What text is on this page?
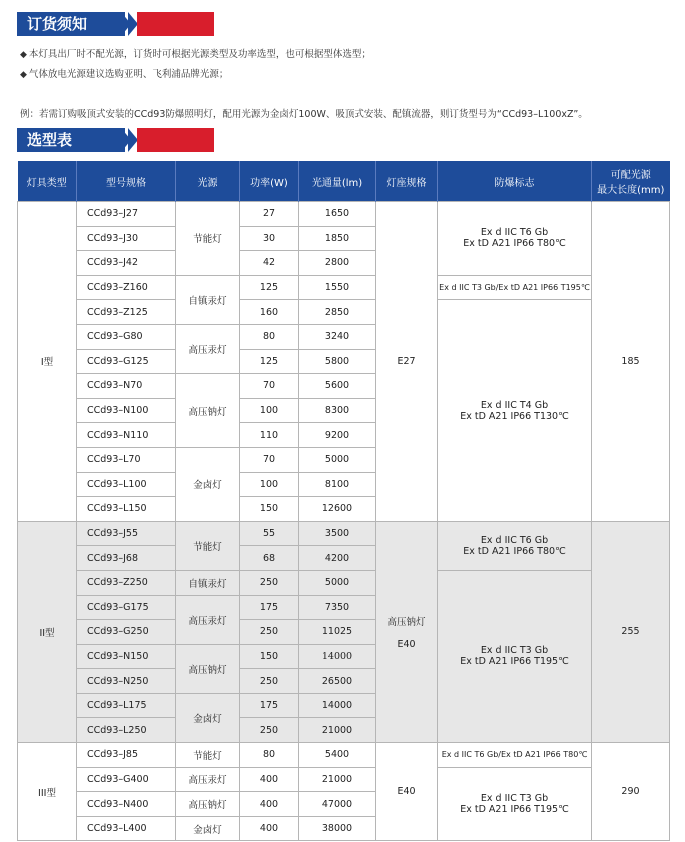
订货须知
◆ 本灯具出厂时不配光源，订货时可根据光源类型及功率选型，也可根据型体选型；
◆ 气体放电光源建议选购亚明、飞利浦品牌光源；
例：若需订购吸顶式安装的CCd93防爆照明灯，配用光源为金卤灯100W、吸顶式安装、配镇流器，则订货型号为“CCd93–L100xZ”。
选型表
灯具类型	型号规格	光源	功率(W)	光通量(lm)	灯座规格	防爆标志	可配光源
最大长度(mm)
I型	CCd93–J27	节能灯	27	1650	E27	Ex d IIC T6 Gb
Ex tD A21 IP66 T80℃	185
	CCd93–J30		30	1850			
	CCd93–J42		42	2800			
	CCd93–Z160	自镇汞灯	125	1550		Ex d IIC T3 Gb/Ex tD A21 IP66 T195℃	
	CCd93–Z125		160	2850		Ex d IIC T4 Gb
Ex tD A21 IP66 T130℃	
	CCd93–G80	高压汞灯	80	3240			
	CCd93–G125		125	5800			
	CCd93–N70	高压钠灯	70	5600			
	CCd93–N100		100	8300			
	CCd93–N110		110	9200			
	CCd93–L70	金卤灯	70	5000			
	CCd93–L100		100	8100			
	CCd93–L150		150	12600			
II型	CCd93–J55	节能灯	55	3500	高压钠灯

E40	Ex d IIC T6 Gb
Ex tD A21 IP66 T80℃	255
	CCd93–J68		68	4200			
	CCd93–Z250	自镇汞灯	250	5000		Ex d IIC T3 Gb
Ex tD A21 IP66 T195℃	
	CCd93–G175	高压汞灯	175	7350			
	CCd93–G250		250	11025			
	CCd93–N150	高压钠灯	150	14000			
	CCd93–N250		250	26500			
	CCd93–L175	金卤灯	175	14000			
	CCd93–L250		250	21000			
III型	CCd93–J85	节能灯	80	5400	E40	Ex d IIC T6 Gb/Ex tD A21 IP66 T80℃	290
	CCd93–G400	高压汞灯	400	21000		Ex d IIC T3 Gb
Ex tD A21 IP66 T195℃	
	CCd93–N400	高压钠灯	400	47000			
	CCd93–L400	金卤灯	400	38000			
